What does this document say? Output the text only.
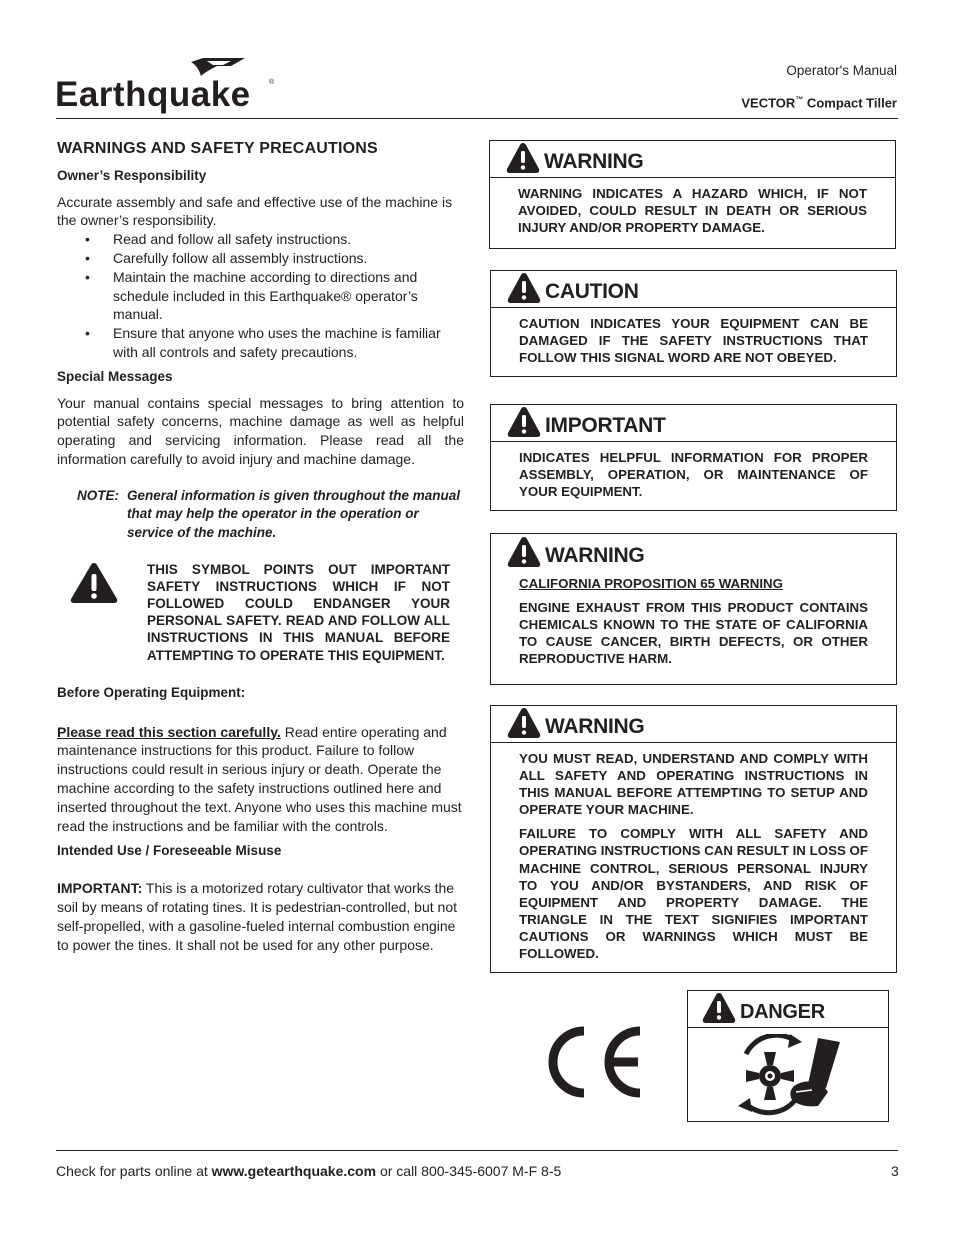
Earthquake	®
Operator's Manual
VECTOR™ Compact Tiller
WARNINGS AND SAFETY PRECAUTIONS
Owner’s Responsibility

Accurate assembly and safe and effective use of the machine is the owner’s responsibility.

• Read and follow all safety instructions.
• Carefully follow all assembly instructions.
• Maintain the machine according to directions and schedule included in this Earthquake® operator’s manual.
• Ensure that anyone who uses the machine is familiar with all controls and safety precautions.
Special Messages

Your manual contains special messages to bring attention to potential safety concerns, machine damage as well as helpful operating and servicing information. Please read all the information carefully to avoid injury and machine damage.

NOTE: General information is given throughout the manual that may help the operator in the operation or service of the machine.
THIS SYMBOL POINTS OUT IMPORTANT SAFETY INSTRUCTIONS WHICH IF NOT FOLLOWED COULD ENDANGER YOUR PERSONAL SAFETY. READ AND FOLLOW ALL INSTRUCTIONS IN THIS MANUAL BEFORE ATTEMPTING TO OPERATE THIS EQUIPMENT.
Before Operating Equipment:

Please read this section carefully. Read entire operating and maintenance instructions for this product. Failure to follow instructions could result in serious injury or death. Operate the machine according to the safety instructions outlined here and inserted throughout the text. Anyone who uses this machine must read the instructions and be familiar with the controls.

Intended Use / Foreseeable Misuse

IMPORTANT: This is a motorized rotary cultivator that works the soil by means of rotating tines. It is pedestrian-controlled, but not self-propelled, with a gasoline-fueled internal combustion engine to power the tines. It shall not be used for any other purpose.

WARNING
WARNING INDICATES A HAZARD WHICH, IF NOT AVOIDED, COULD RESULT IN DEATH OR SERIOUS INJURY AND/OR PROPERTY DAMAGE.
CAUTION
CAUTION INDICATES YOUR EQUIPMENT CAN BE DAMAGED IF THE SAFETY INSTRUCTIONS THAT FOLLOW THIS SIGNAL WORD ARE NOT OBEYED.
IMPORTANT
INDICATES HELPFUL INFORMATION FOR PROPER ASSEMBLY, OPERATION, OR MAINTENANCE OF YOUR EQUIPMENT.
WARNING

CALIFORNIA PROPOSITION 65 WARNING

ENGINE EXHAUST FROM THIS PRODUCT CONTAINS CHEMICALS KNOWN TO THE STATE OF CALIFORNIA TO CAUSE CANCER, BIRTH DEFECTS, OR OTHER REPRODUCTIVE HARM.

WARNING

YOU MUST READ, UNDERSTAND AND COMPLY WITH ALL SAFETY AND OPERATING INSTRUCTIONS IN THIS MANUAL BEFORE ATTEMPTING TO SETUP AND OPERATE YOUR MACHINE.

FAILURE TO COMPLY WITH ALL SAFETY AND OPERATING INSTRUCTIONS CAN RESULT IN LOSS OF MACHINE CONTROL, SERIOUS PERSONAL INJURY TO YOU AND/OR BYSTANDERS, AND RISK OF EQUIPMENT AND PROPERTY DAMAGE. THE TRIANGLE IN THE TEXT SIGNIFIES IMPORTANT CAUTIONS OR WARNINGS WHICH MUST BE FOLLOWED.

DANGER
Check for parts online at www.getearthquake.com or call 800-345-6007 M-F 8-5	3
